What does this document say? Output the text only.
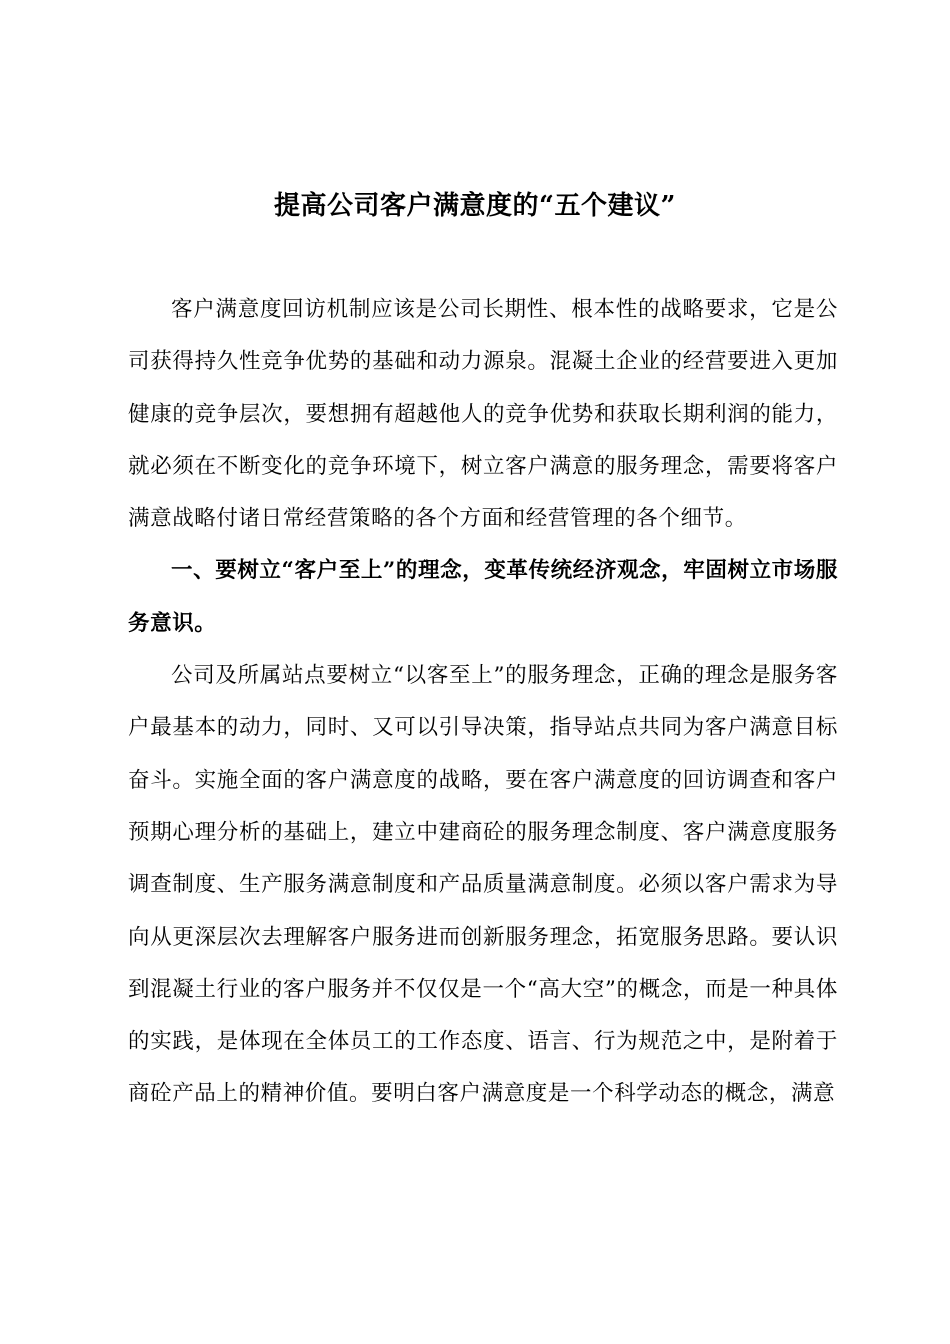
提高公司客户满意度的“五个建议”

客户满意度回访机制应该是公司长期性、根本性的战略要求，它是公司获得持久性竞争优势的基础和动力源泉。混凝土企业的经营要进入更加健康的竞争层次，要想拥有超越他人的竞争优势和获取长期利润的能力，就必须在不断变化的竞争环境下，树立客户满意的服务理念，需要将客户满意战略付诸日常经营策略的各个方面和经营管理的各个细节。

一、要树立“客户至上”的理念，变革传统经济观念，牢固树立市场服务意识。

公司及所属站点要树立“以客至上”的服务理念，正确的理念是服务客户最基本的动力，同时、又可以引导决策，指导站点共同为客户满意目标奋斗。实施全面的客户满意度的战略，要在客户满意度的回访调查和客户预期心理分析的基础上，建立中建商砼的服务理念制度、客户满意度服务调查制度、生产服务满意制度和产品质量满意制度。必须以客户需求为导向从更深层次去理解客户服务进而创新服务理念，拓宽服务思路。要认识到混凝土行业的客户服务并不仅仅是一个“高大空”的概念，而是一种具体的实践，是体现在全体员工的工作态度、语言、行为规范之中，是附着于商砼产品上的精神价值。要明白客户满意度是一个科学动态的概念，满意
